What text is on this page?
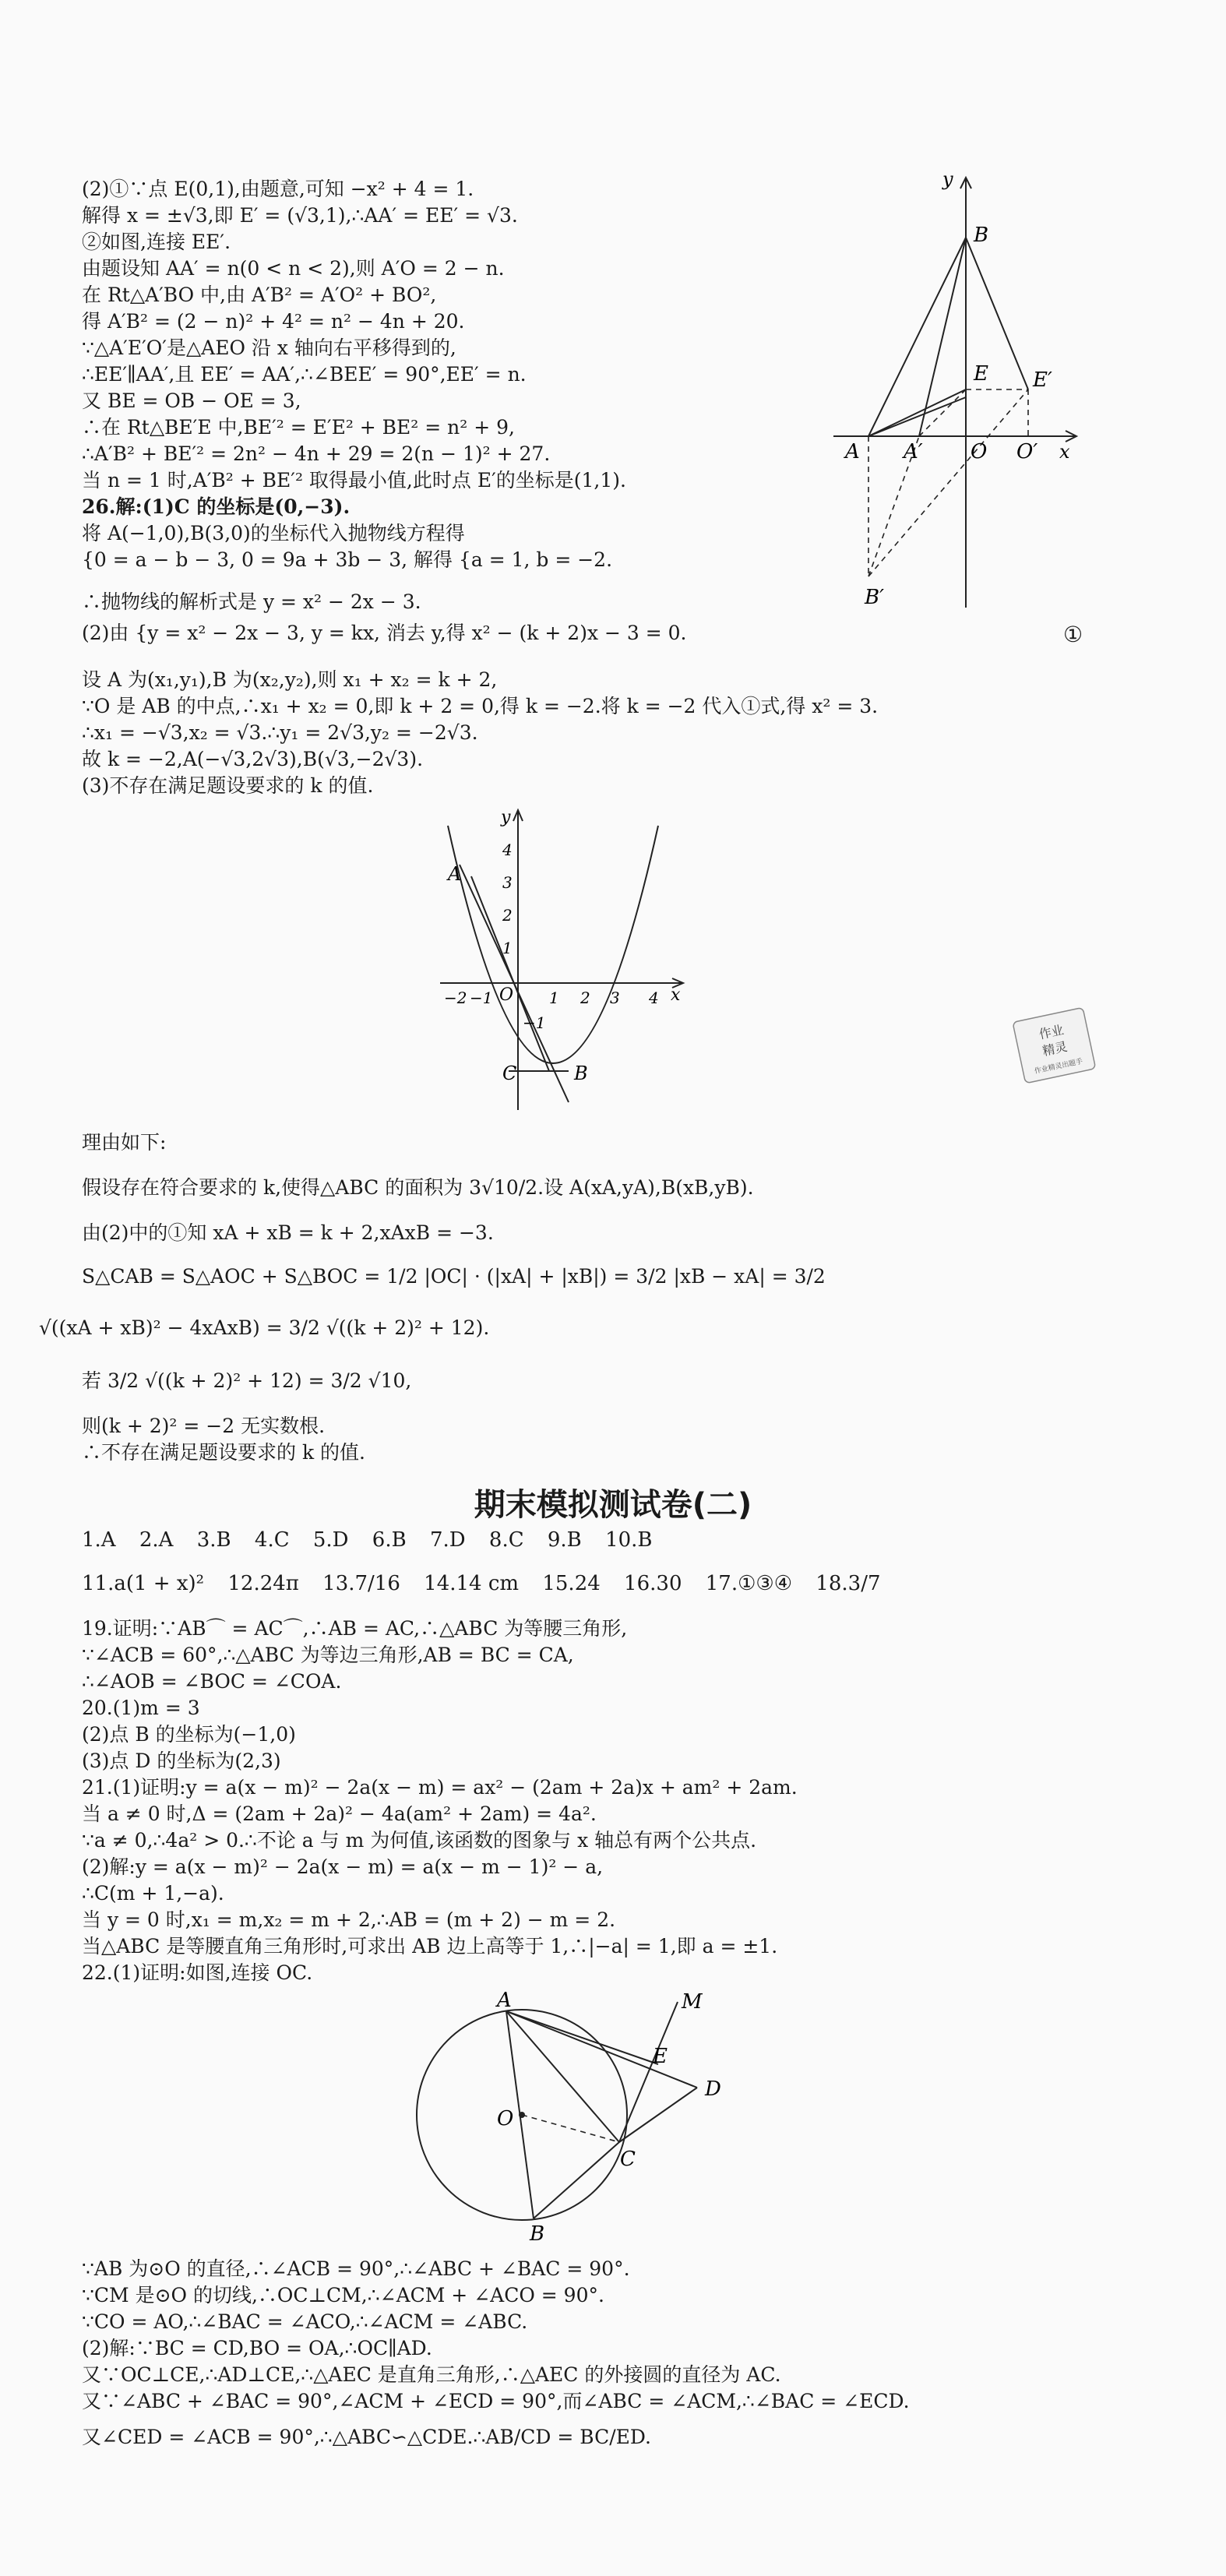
(2)①∵点 E(0,1),由题意,可知 −x² + 4 = 1.
解得 x = ±√3,即 E′ = (√3,1),∴AA′ = EE′ = √3.
②如图,连接 EE′.
由题设知 AA′ = n(0 < n < 2),则 A′O = 2 − n.
在 Rt△A′BO 中,由 A′B² = A′O² + BO²,
得 A′B² = (2 − n)² + 4² = n² − 4n + 20.
∵△A′E′O′是△AEO 沿 x 轴向右平移得到的,
∴EE′∥AA′,且 EE′ = AA′,∴∠BEE′ = 90°,EE′ = n.
又 BE = OB − OE = 3,
∴在 Rt△BE′E 中,BE′² = E′E² + BE² = n² + 9,
∴A′B² + BE′² = 2n² − 4n + 29 = 2(n − 1)² + 27.
当 n = 1 时,A′B² + BE′² 取得最小值,此时点 E′的坐标是(1,1).
26.解:(1)C 的坐标是(0,−3).
将 A(−1,0),B(3,0)的坐标代入抛物线方程得
{0 = a − b − 3, 0 = 9a + 3b − 3, 解得 {a = 1, b = −2.
∴抛物线的解析式是 y = x² − 2x − 3.
(2)由 {y = x² − 2x − 3, y = kx, 消去 y,得 x² − (k + 2)x − 3 = 0.
设 A 为(x₁,y₁),B 为(x₂,y₂),则 x₁ + x₂ = k + 2,
∵O 是 AB 的中点,∴x₁ + x₂ = 0,即 k + 2 = 0,得 k = −2.将 k = −2 代入①式,得 x² = 3.
∴x₁ = −√3,x₂ = √3.∴y₁ = 2√3,y₂ = −2√3.
故 k = −2,A(−√3,2√3),B(√3,−2√3).
(3)不存在满足题设要求的 k 的值.
①
y
B
E E′
A A′ O O′ x
B′
y
A
C	B
O	x
−2 −1	1 2 3 4
4
3
2
1
−1	作业
精灵
作业精灵出题手
理由如下:
假设存在符合要求的 k,使得△ABC 的面积为 3√10/2.设 A(xA,yA),B(xB,yB).
由(2)中的①知 xA + xB = k + 2,xAxB = −3.
S△CAB = S△AOC + S△BOC = 1/2 |OC| · (|xA| + |xB|) = 3/2 |xB − xA| = 3/2
√((xA + xB)² − 4xAxB) = 3/2 √((k + 2)² + 12).
若 3/2 √((k + 2)² + 12) = 3/2 √10,
则(k + 2)² = −2 无实数根.
∴不存在满足题设要求的 k 的值.
期末模拟测试卷(二)
1.A 2.A 3.B 4.C 5.D 6.B 7.D 8.C 9.B 10.B
11.a(1 + x)² 12.24π 13.7/16 14.14 cm 15.24 16.30 17.①③④ 18.3/7
19.证明:∵AB⌒ = AC⌒,∴AB = AC,∴△ABC 为等腰三角形,
∵∠ACB = 60°,∴△ABC 为等边三角形,AB = BC = CA,
∴∠AOB = ∠BOC = ∠COA.
20.(1)m = 3
(2)点 B 的坐标为(−1,0)
(3)点 D 的坐标为(2,3)
21.(1)证明:y = a(x − m)² − 2a(x − m) = ax² − (2am + 2a)x + am² + 2am.
当 a ≠ 0 时,Δ = (2am + 2a)² − 4a(am² + 2am) = 4a².
∵a ≠ 0,∴4a² > 0.∴不论 a 与 m 为何值,该函数的图象与 x 轴总有两个公共点.
(2)解:y = a(x − m)² − 2a(x − m) = a(x − m − 1)² − a,
∴C(m + 1,−a).
当 y = 0 时,x₁ = m,x₂ = m + 2,∴AB = (m + 2) − m = 2.
当△ABC 是等腰直角三角形时,可求出 AB 边上高等于 1,∴|−a| = 1,即 a = ±1.
22.(1)证明:如图,连接 OC.
A	M
E
D
O
C
B
∵AB 为⊙O 的直径,∴∠ACB = 90°,∴∠ABC + ∠BAC = 90°.
∵CM 是⊙O 的切线,∴OC⊥CM,∴∠ACM + ∠ACO = 90°.
∵CO = AO,∴∠BAC = ∠ACO,∴∠ACM = ∠ABC.
(2)解:∵BC = CD,BO = OA,∴OC∥AD.
又∵OC⊥CE,∴AD⊥CE,∴△AEC 是直角三角形,∴△AEC 的外接圆的直径为 AC.
又∵∠ABC + ∠BAC = 90°,∠ACM + ∠ECD = 90°,而∠ABC = ∠ACM,∴∠BAC = ∠ECD.
又∠CED = ∠ACB = 90°,∴△ABC∽△CDE.∴AB/CD = BC/ED.
